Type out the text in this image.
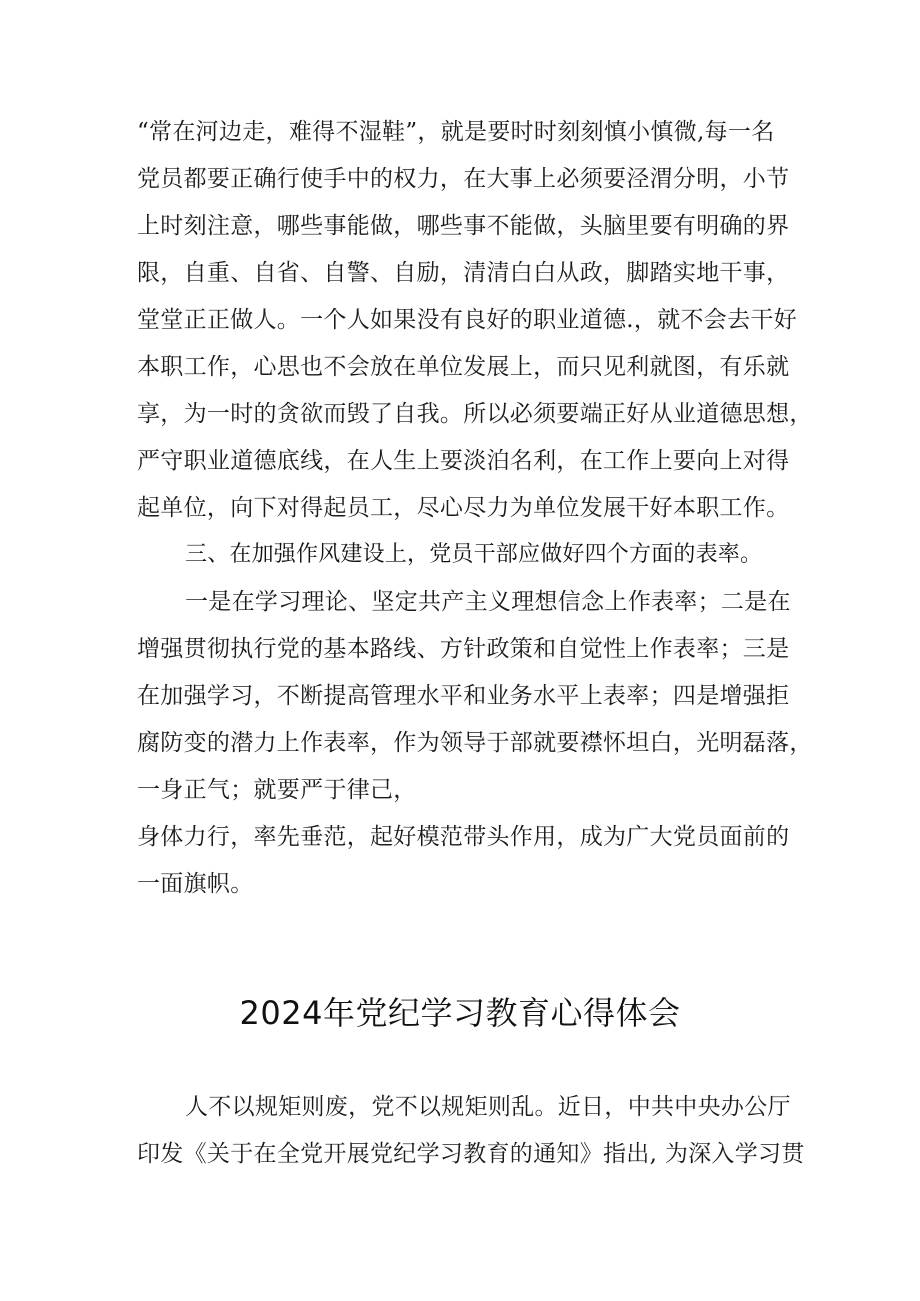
“常在河边走，难得不湿鞋”，就是要时时刻刻慎小慎微,每一名
党员都要正确行使手中的权力，在大事上必须要泾渭分明，小节
上时刻注意，哪些事能做，哪些事不能做，头脑里要有明确的界
限，自重、自省、自警、自励，清清白白从政，脚踏实地干事，
堂堂正正做人。一个人如果没有良好的职业道德.，就不会去干好
本职工作，心思也不会放在单位发展上，而只见利就图，有乐就
享，为一时的贪欲而毁了自我。所以必须要端正好从业道德思想，
严守职业道德底线，在人生上要淡泊名利，在工作上要向上对得
起单位，向下对得起员工，尽心尽力为单位发展干好本职工作。
三、在加强作风建设上，党员干部应做好四个方面的表率。
一是在学习理论、坚定共产主义理想信念上作表率；二是在
增强贯彻执行党的基本路线、方针政策和自觉性上作表率；三是
在加强学习，不断提高管理水平和业务水平上表率；四是增强拒
腐防变的潜力上作表率，作为领导于部就要襟怀坦白，光明磊落，
一身正气；就要严于律己，
身体力行，率先垂范，起好模范带头作用，成为广大党员面前的
一面旗帜。
2024年党纪学习教育心得体会
人不以规矩则废，党不以规矩则乱。近日，中共中央办公厅
印发《关于在全党开展党纪学习教育的通知》指出, 为深入学习贯
